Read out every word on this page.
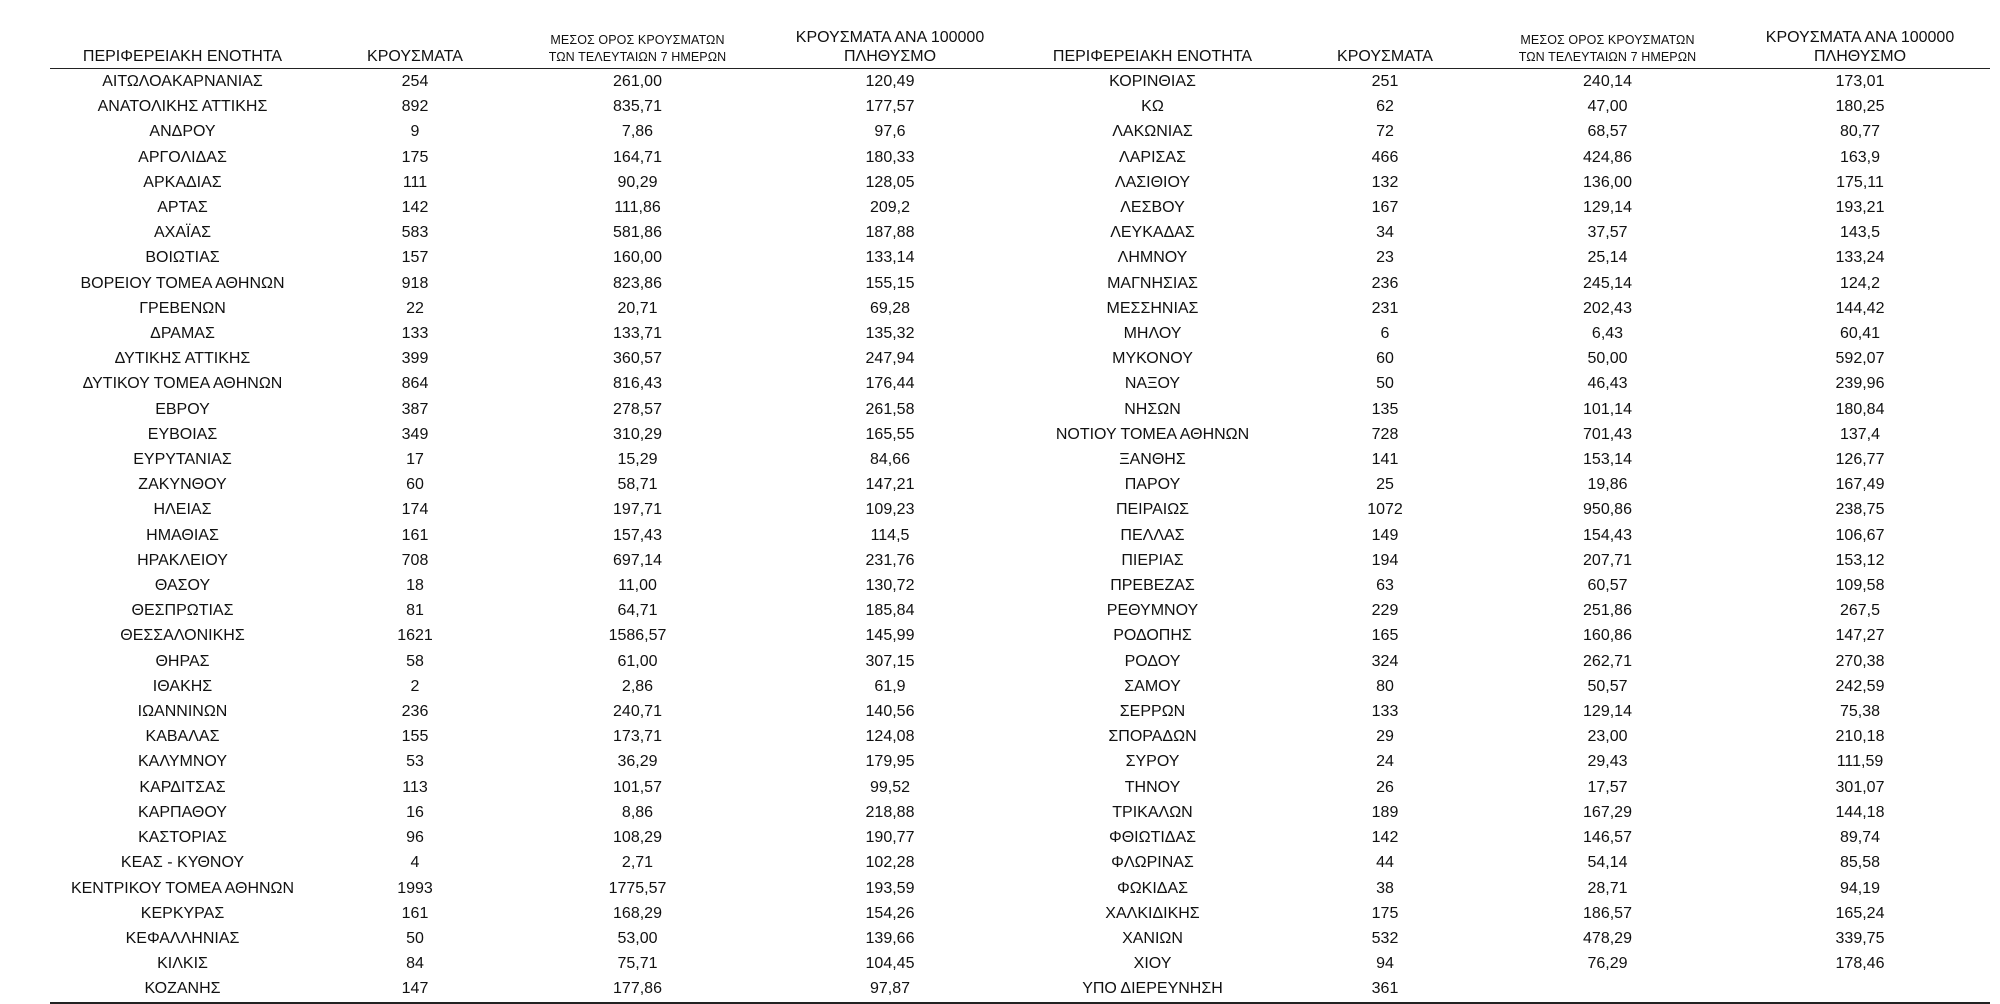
ΠΕΡΙΦΕΡΕΙΑΚΗ ΕΝΟΤΗΤΑ	ΚΡΟΥΣΜΑΤΑ	ΜΕΣΟΣ ΟΡΟΣ ΚΡΟΥΣΜΑΤΩΝ
ΤΩΝ ΤΕΛΕΥΤΑΙΩΝ 7 ΗΜΕΡΩΝ	ΚΡΟΥΣΜΑΤΑ ΑΝΑ 100000
ΠΛΗΘΥΣΜΟ

ΑΙΤΩΛΟΑΚΑΡΝΑΝΙΑΣ	254	261,00	120,49
ΑΝΑΤΟΛΙΚΗΣ ΑΤΤΙΚΗΣ	892	835,71	177,57
ΑΝΔΡΟΥ	9	7,86	97,6
ΑΡΓΟΛΙΔΑΣ	175	164,71	180,33
ΑΡΚΑΔΙΑΣ	111	90,29	128,05
ΑΡΤΑΣ	142	111,86	209,2
ΑΧΑΪΑΣ	583	581,86	187,88
ΒΟΙΩΤΙΑΣ	157	160,00	133,14
ΒΟΡΕΙΟΥ ΤΟΜΕΑ ΑΘΗΝΩΝ	918	823,86	155,15
ΓΡΕΒΕΝΩΝ	22	20,71	69,28
ΔΡΑΜΑΣ	133	133,71	135,32
ΔΥΤΙΚΗΣ ΑΤΤΙΚΗΣ	399	360,57	247,94
ΔΥΤΙΚΟΥ ΤΟΜΕΑ ΑΘΗΝΩΝ	864	816,43	176,44
ΕΒΡΟΥ	387	278,57	261,58
ΕΥΒΟΙΑΣ	349	310,29	165,55
ΕΥΡΥΤΑΝΙΑΣ	17	15,29	84,66
ΖΑΚΥΝΘΟΥ	60	58,71	147,21
ΗΛΕΙΑΣ	174	197,71	109,23
ΗΜΑΘΙΑΣ	161	157,43	114,5
ΗΡΑΚΛΕΙΟΥ	708	697,14	231,76
ΘΑΣΟΥ	18	11,00	130,72
ΘΕΣΠΡΩΤΙΑΣ	81	64,71	185,84
ΘΕΣΣΑΛΟΝΙΚΗΣ	1621	1586,57	145,99
ΘΗΡΑΣ	58	61,00	307,15
ΙΘΑΚΗΣ	2	2,86	61,9
ΙΩΑΝΝΙΝΩΝ	236	240,71	140,56
ΚΑΒΑΛΑΣ	155	173,71	124,08
ΚΑΛΥΜΝΟΥ	53	36,29	179,95
ΚΑΡΔΙΤΣΑΣ	113	101,57	99,52
ΚΑΡΠΑΘΟΥ	16	8,86	218,88
ΚΑΣΤΟΡΙΑΣ	96	108,29	190,77
ΚΕΑΣ - ΚΥΘΝΟΥ	4	2,71	102,28
ΚΕΝΤΡΙΚΟΥ ΤΟΜΕΑ ΑΘΗΝΩΝ	1993	1775,57	193,59
ΚΕΡΚΥΡΑΣ	161	168,29	154,26
ΚΕΦΑΛΛΗΝΙΑΣ	50	53,00	139,66
ΚΙΛΚΙΣ	84	75,71	104,45
ΚΟΖΑΝΗΣ	147	177,86	97,87
ΠΕΡΙΦΕΡΕΙΑΚΗ ΕΝΟΤΗΤΑ	ΚΡΟΥΣΜΑΤΑ	ΜΕΣΟΣ ΟΡΟΣ ΚΡΟΥΣΜΑΤΩΝ
ΤΩΝ ΤΕΛΕΥΤΑΙΩΝ 7 ΗΜΕΡΩΝ	ΚΡΟΥΣΜΑΤΑ ΑΝΑ 100000
ΠΛΗΘΥΣΜΟ

ΚΟΡΙΝΘΙΑΣ	251	240,14	173,01
ΚΩ	62	47,00	180,25
ΛΑΚΩΝΙΑΣ	72	68,57	80,77
ΛΑΡΙΣΑΣ	466	424,86	163,9
ΛΑΣΙΘΙΟΥ	132	136,00	175,11
ΛΕΣΒΟΥ	167	129,14	193,21
ΛΕΥΚΑΔΑΣ	34	37,57	143,5
ΛΗΜΝΟΥ	23	25,14	133,24
ΜΑΓΝΗΣΙΑΣ	236	245,14	124,2
ΜΕΣΣΗΝΙΑΣ	231	202,43	144,42
ΜΗΛΟΥ	6	6,43	60,41
ΜΥΚΟΝΟΥ	60	50,00	592,07
ΝΑΞΟΥ	50	46,43	239,96
ΝΗΣΩΝ	135	101,14	180,84
ΝΟΤΙΟΥ ΤΟΜΕΑ ΑΘΗΝΩΝ	728	701,43	137,4
ΞΑΝΘΗΣ	141	153,14	126,77
ΠΑΡΟΥ	25	19,86	167,49
ΠΕΙΡΑΙΩΣ	1072	950,86	238,75
ΠΕΛΛΑΣ	149	154,43	106,67
ΠΙΕΡΙΑΣ	194	207,71	153,12
ΠΡΕΒΕΖΑΣ	63	60,57	109,58
ΡΕΘΥΜΝΟΥ	229	251,86	267,5
ΡΟΔΟΠΗΣ	165	160,86	147,27
ΡΟΔΟΥ	324	262,71	270,38
ΣΑΜΟΥ	80	50,57	242,59
ΣΕΡΡΩΝ	133	129,14	75,38
ΣΠΟΡΑΔΩΝ	29	23,00	210,18
ΣΥΡΟΥ	24	29,43	111,59
ΤΗΝΟΥ	26	17,57	301,07
ΤΡΙΚΑΛΩΝ	189	167,29	144,18
ΦΘΙΩΤΙΔΑΣ	142	146,57	89,74
ΦΛΩΡΙΝΑΣ	44	54,14	85,58
ΦΩΚΙΔΑΣ	38	28,71	94,19
ΧΑΛΚΙΔΙΚΗΣ	175	186,57	165,24
ΧΑΝΙΩΝ	532	478,29	339,75
ΧΙΟΥ	94	76,29	178,46
ΥΠΟ ΔΙΕΡΕΥΝΗΣΗ	361		
